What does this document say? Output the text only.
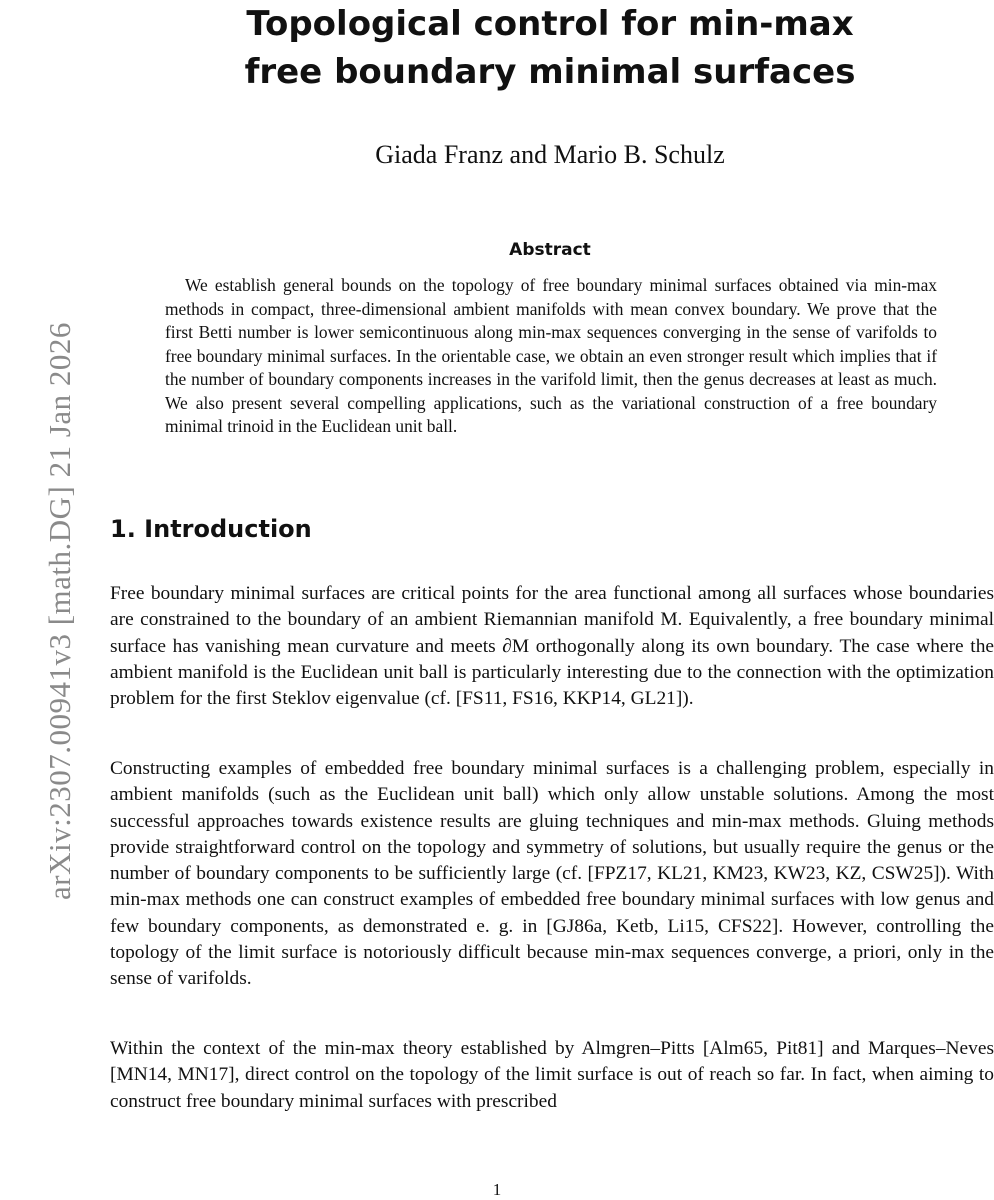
arXiv:2307.00941v3 [math.DG] 21 Jan 2026
Topological control for min-max
free boundary minimal surfaces
Giada Franz and Mario B. Schulz
Abstract
We establish general bounds on the topology of free boundary minimal surfaces obtained via min-max methods in compact, three-dimensional ambient manifolds with mean convex boundary. We prove that the first Betti number is lower semicontinuous along min-max sequences converging in the sense of varifolds to free boundary minimal surfaces. In the orientable case, we obtain an even stronger result which implies that if the number of boundary components increases in the varifold limit, then the genus decreases at least as much. We also present several compelling applications, such as the variational construction of a free boundary minimal trinoid in the Euclidean unit ball.
1. Introduction

Free boundary minimal surfaces are critical points for the area functional among all surfaces whose boundaries are constrained to the boundary of an ambient Riemannian manifold M. Equivalently, a free boundary minimal surface has vanishing mean curvature and meets ∂M orthogonally along its own boundary. The case where the ambient manifold is the Euclidean unit ball is particularly interesting due to the connection with the optimization problem for the first Steklov eigenvalue (cf. [FS11, FS16, KKP14, GL21]).

Constructing examples of embedded free boundary minimal surfaces is a challenging problem, especially in ambient manifolds (such as the Euclidean unit ball) which only allow unstable solutions. Among the most successful approaches towards existence results are gluing techniques and min-max methods. Gluing methods provide straightforward control on the topology and symmetry of solutions, but usually require the genus or the number of boundary components to be sufficiently large (cf. [FPZ17, KL21, KM23, KW23, KZ, CSW25]). With min-max methods one can construct examples of embedded free boundary minimal surfaces with low genus and few boundary components, as demonstrated e. g. in [GJ86a, Ketb, Li15, CFS22]. However, controlling the topology of the limit surface is notoriously difficult because min-max sequences converge, a priori, only in the sense of varifolds.

Within the context of the min-max theory established by Almgren–Pitts [Alm65, Pit81] and Marques–Neves [MN14, MN17], direct control on the topology of the limit surface is out of reach so far. In fact, when aiming to construct free boundary minimal surfaces with prescribed

1
